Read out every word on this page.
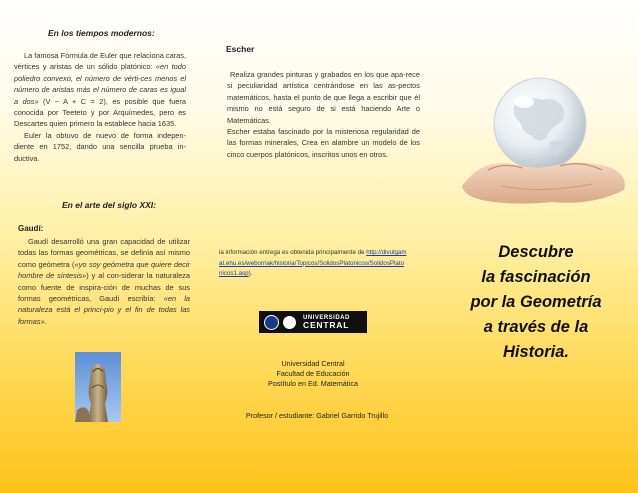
En los tiempos modernos:

La famosa Fórmula de Euler que relaciona caras, vértices y aristas de un sólido platónico: «en todo poliedro convexo, el número de vérti-ces menos el número de aristas más el número de caras es igual a dos» (V − A + C = 2), es posible que fuera conocida por Teeteto y por Arquímedes, pero es Descartes quien primero la establece hacia 1635.

Euler la obtuvo de nuevo de forma indepen-diente en 1752, dando una sencilla prueba in-ductiva.

En el arte del siglo XXI:
Gaudí:

Gaudí desarrolló una gran capacidad de utilizar todas las formas geométricas, se definía así mismo como geómetra («yo soy geómetra que quiere decir hombre de síntesis») y al con-siderar la naturaleza como fuente de inspira-ción de muchas de sus formas geométricas, Gaudí escribía: «en la naturaleza está el princi-pio y el fin de todas las formas».

Escher

Realiza grandes pinturas y grabados en los que apa-rece si peculiaridad artística centrándose en las as-pectos matemáticos, hasta el punto de que llega a escribir que él mismo no está seguro de si está haciendo Arte o Matemáticas.

Escher estaba fascinado por la misteriosa regularidad de las formas minerales, Crea en alambre un modelo de los cinco cuerpos platónicos, inscritos unos en otros.

la información entrega es obtenida principalmente de http://divulgamat.ehu.es/weborriak/historia/Topicos/SolidosPlatonicos/SolidosPlatonicos1.asp).
UNIVERSIDAD
CENTRAL
Universidad Central
Facultad de Educación
Postítulo en Ed. Matemática
Profesor / estudiante: Gabriel Garrido Trujillo
Descubre
la fascinación
por la Geometría
a través de la
Historia.
